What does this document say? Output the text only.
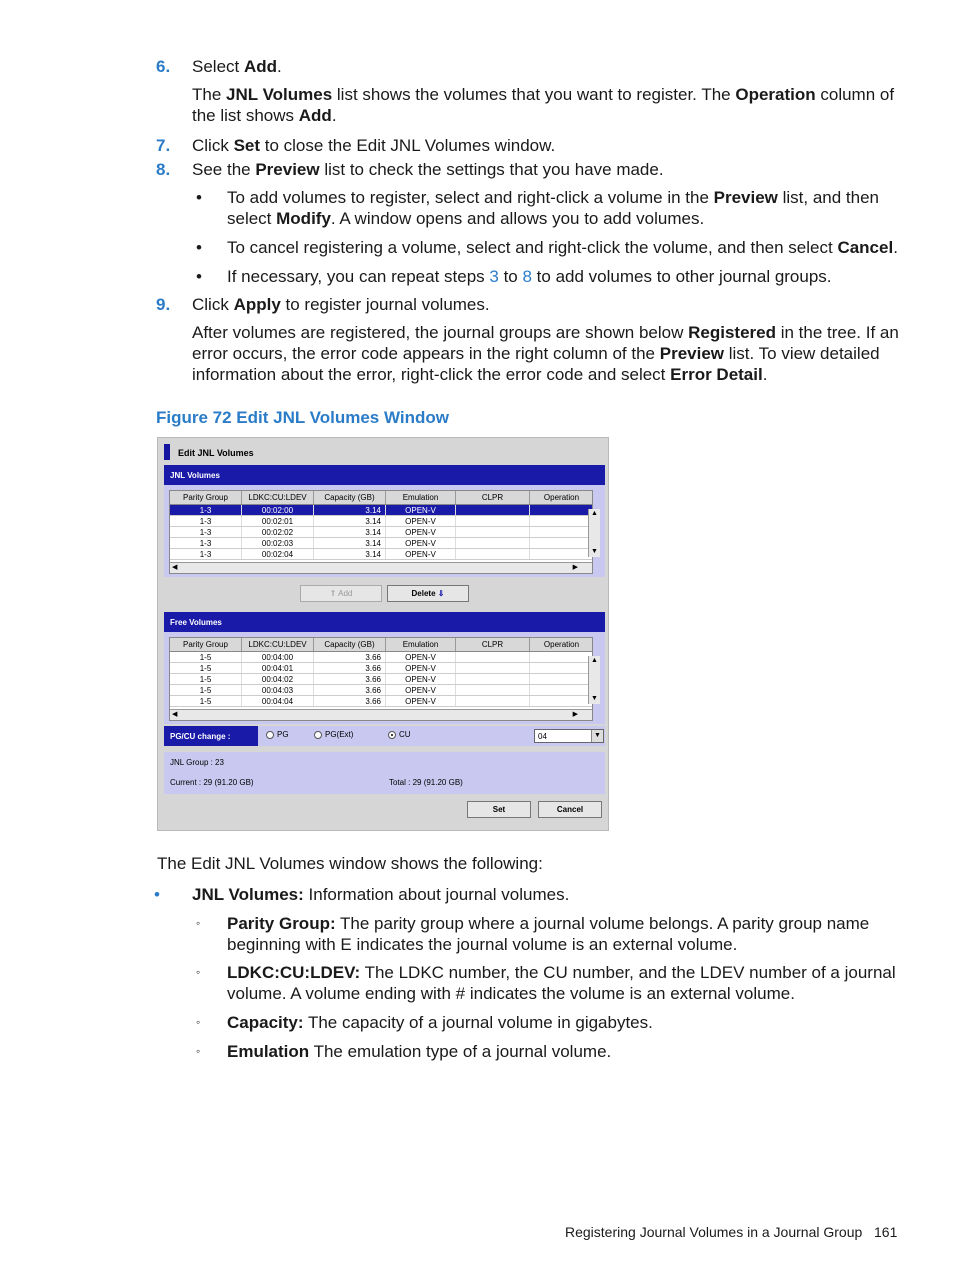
6. Select Add.
The JNL Volumes list shows the volumes that you want to register. The Operation column of the list shows Add.
7. Click Set to close the Edit JNL Volumes window.
8. See the Preview list to check the settings that you have made.
• To add volumes to register, select and right-click a volume in the Preview list, and then select Modify. A window opens and allows you to add volumes.
• To cancel registering a volume, select and right-click the volume, and then select Cancel.
• If necessary, you can repeat steps 3 to 8 to add volumes to other journal groups.
9. Click Apply to register journal volumes.
After volumes are registered, the journal groups are shown below Registered in the tree. If an error occurs, the error code appears in the right column of the Preview list. To view detailed information about the error, right-click the error code and select Error Detail.
Figure 72 Edit JNL Volumes Window
Edit JNL Volumes
JNL Volumes
Parity Group	LDKC:CU:LDEV	Capacity (GB)	Emulation	CLPR	Operation
1-3	00:02:00	3.14	OPEN-V
1-3	00:02:01	3.14	OPEN-V
1-3	00:02:02	3.14	OPEN-V
1-3	00:02:03	3.14	OPEN-V
1-3	00:02:04	3.14	OPEN-V
◀	▶
▲
▼
⇑ Add	Delete ⇓
Free Volumes
Parity Group	LDKC:CU:LDEV	Capacity (GB)	Emulation	CLPR	Operation
1-5	00:04:00	3.66	OPEN-V
1-5	00:04:01	3.66	OPEN-V
1-5	00:04:02	3.66	OPEN-V
1-5	00:04:03	3.66	OPEN-V
1-5	00:04:04	3.66	OPEN-V
◀	▶
▲
▼
PG/CU change :	PG	PG(Ext)	CU	04	▼
JNL Group : 23
Current : 29 (91.20 GB)	Total : 29 (91.20 GB)
Set	Cancel
The Edit JNL Volumes window shows the following:
• JNL Volumes: Information about journal volumes.
◦ Parity Group: The parity group where a journal volume belongs. A parity group name beginning with E indicates the journal volume is an external volume.
◦ LDKC:CU:LDEV: The LDKC number, the CU number, and the LDEV number of a journal volume. A volume ending with # indicates the volume is an external volume.
◦ Capacity: The capacity of a journal volume in gigabytes.
◦ Emulation The emulation type of a journal volume.
Registering Journal Volumes in a Journal Group 161
